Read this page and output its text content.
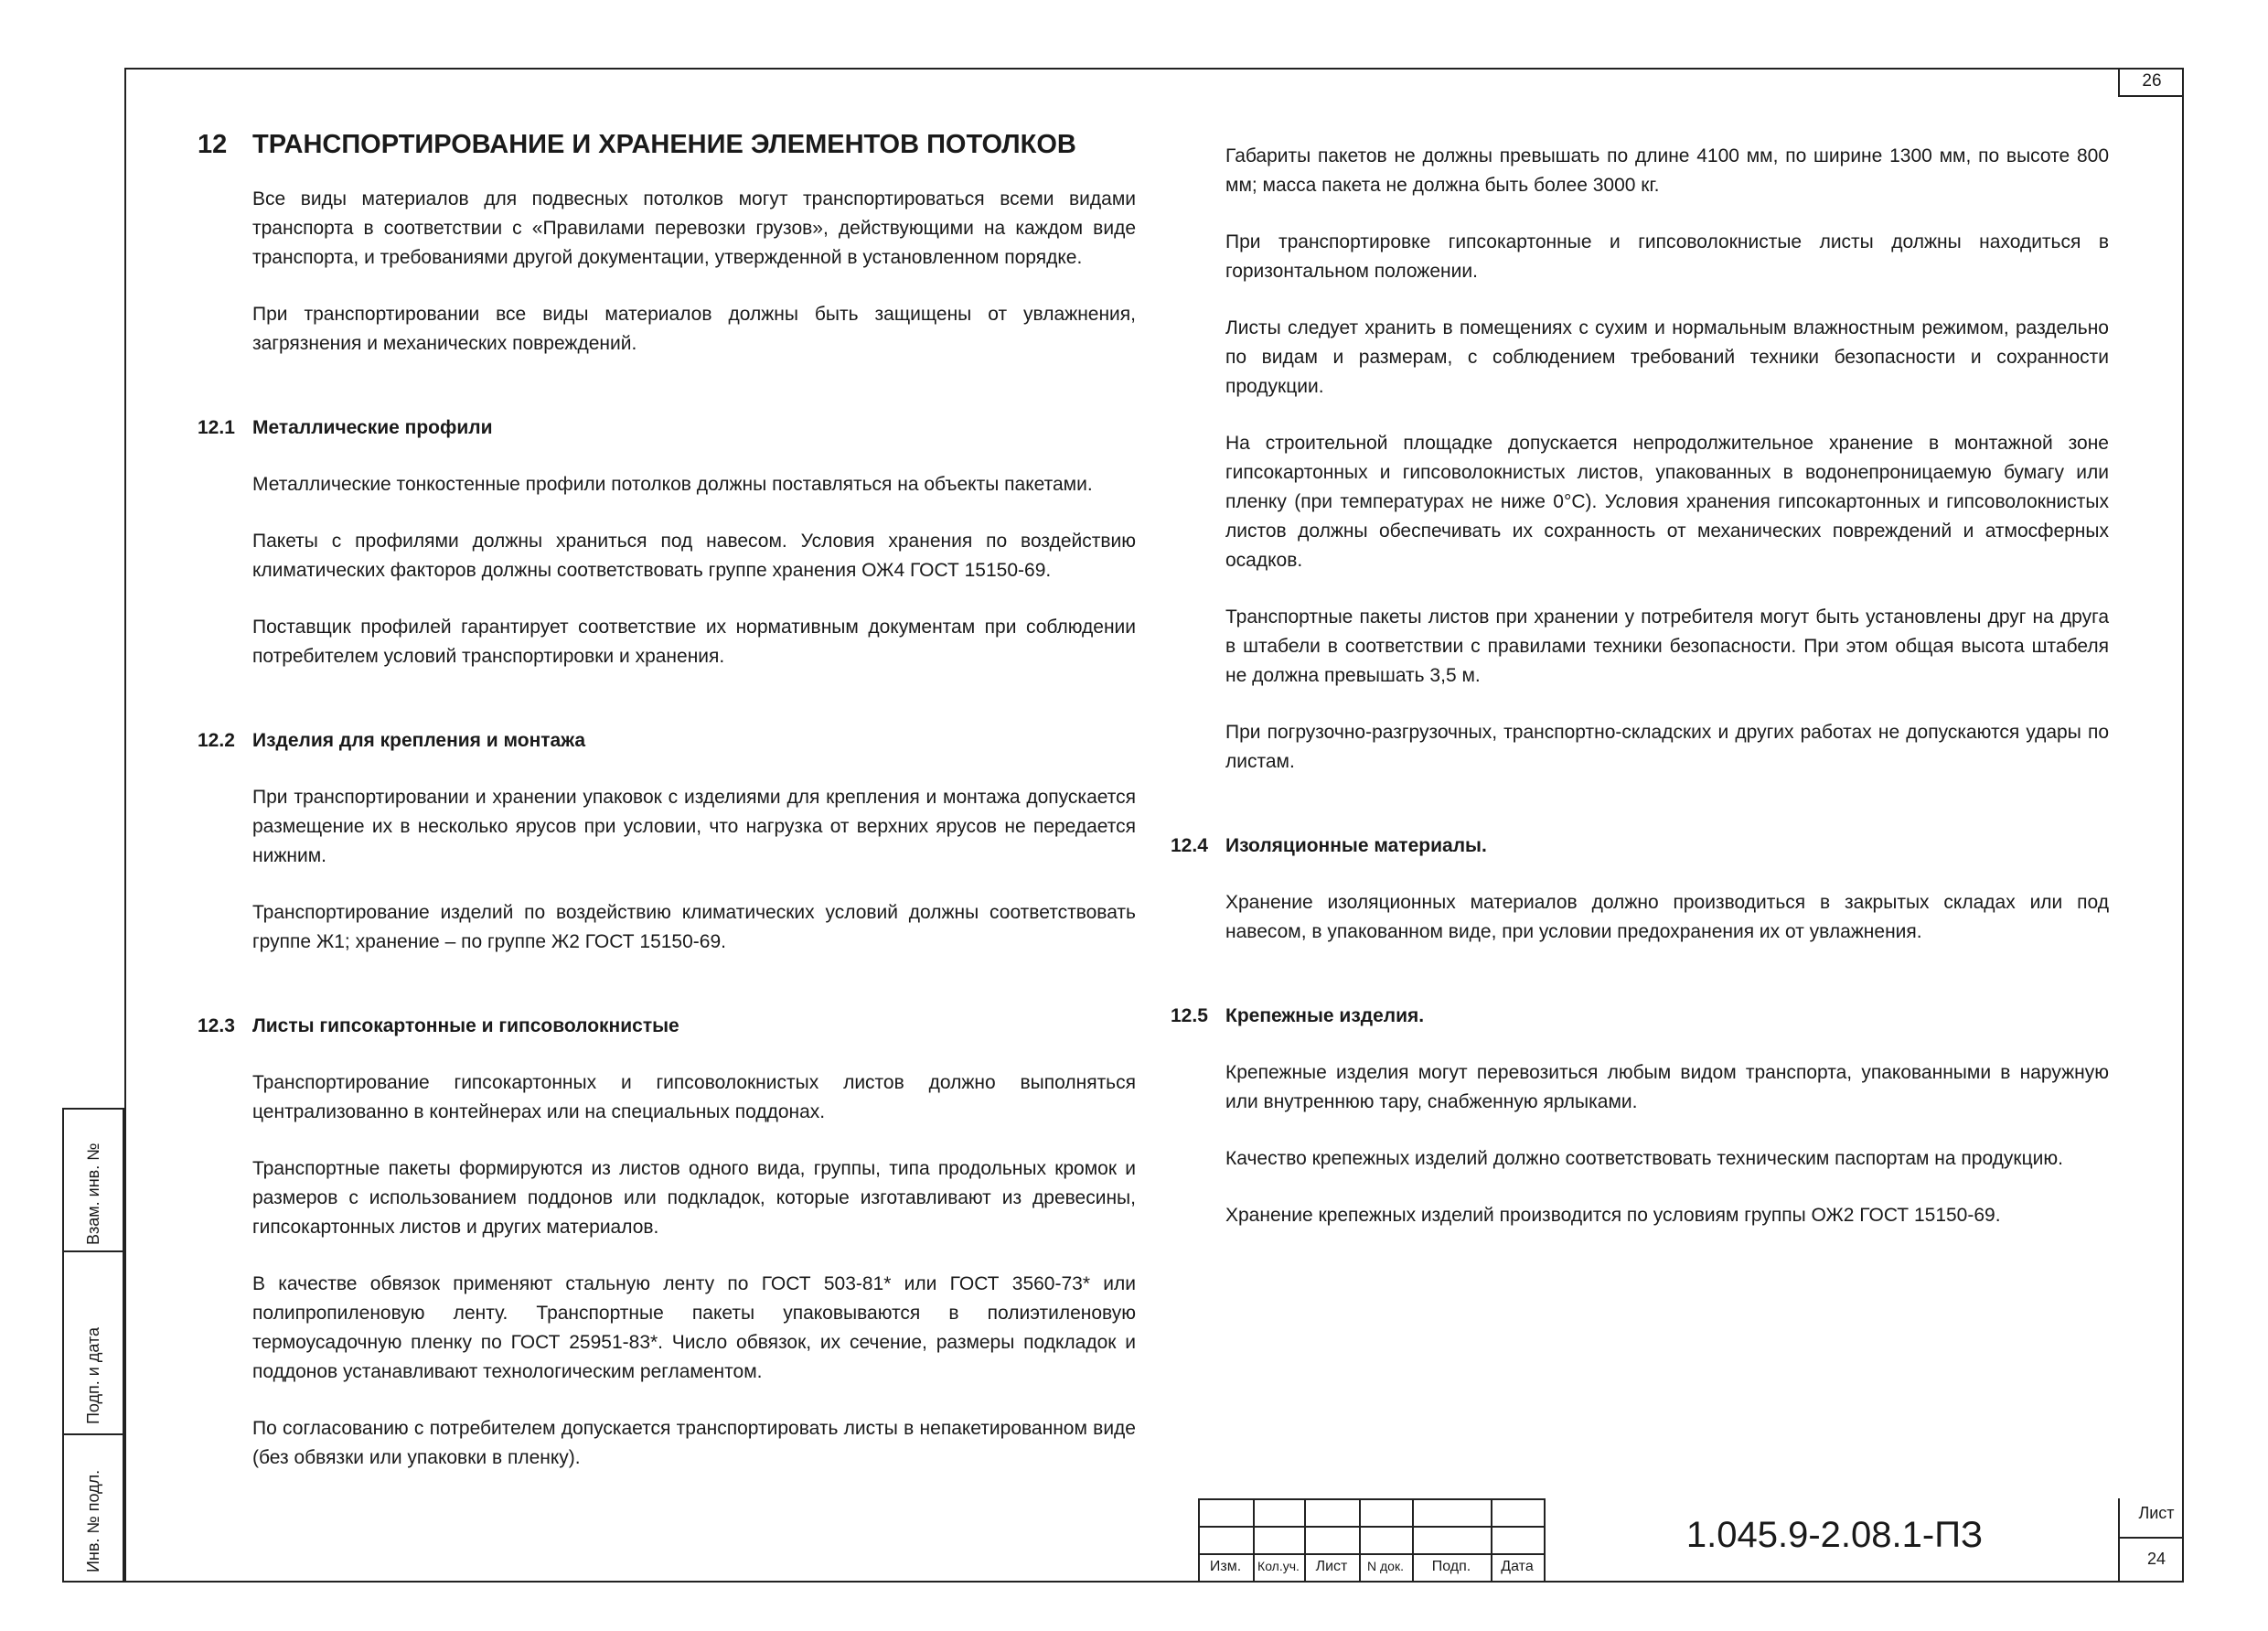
26
Взам. инв. №
Подп. и дата
Инв. № подл.
12 ТРАНСПОРТИРОВАНИЕ И ХРАНЕНИЕ ЭЛЕМЕНТОВ ПОТОЛКОВ

Все виды материалов для подвесных потолков могут транспортироваться всеми видами транспорта в соответствии с «Правилами перевозки грузов», действующими на каждом виде транспорта, и требованиями другой документации, утвержденной в установленном порядке.

При транспортировании все виды материалов должны быть защищены от увлажнения, загрязнения и механических повреждений.

12.1 Металлические профили

Металлические тонкостенные профили потолков должны поставляться на объекты пакетами.

Пакеты с профилями должны храниться под навесом. Условия хранения по воздействию климатических факторов должны соответствовать группе хранения ОЖ4 ГОСТ 15150-69.

Поставщик профилей гарантирует соответствие их нормативным документам при соблюдении потребителем условий транспортировки и хранения.

12.2 Изделия для крепления и монтажа

При транспортировании и хранении упаковок с изделиями для крепления и монтажа допускается размещение их в несколько ярусов при условии, что нагрузка от верхних ярусов не передается нижним.

Транспортирование изделий по воздействию климатических условий должны соответствовать группе Ж1; хранение – по группе Ж2 ГОСТ 15150-69.

12.3 Листы гипсокартонные и гипсоволокнистые

Транспортирование гипсокартонных и гипсоволокнистых листов должно выполняться централизованно в контейнерах или на специальных поддонах.

Транспортные пакеты формируются из листов одного вида, группы, типа продольных кромок и размеров с использованием поддонов или подкладок, которые изготавливают из древесины, гипсокартонных листов и других материалов.

В качестве обвязок применяют стальную ленту по ГОСТ 503-81* или ГОСТ 3560-73* или полипропиленовую ленту. Транспортные пакеты упаковываются в полиэтиленовую термоусадочную пленку по ГОСТ 25951-83*. Число обвязок, их сечение, размеры подкладок и поддонов устанавливают технологическим регламентом.

По согласованию с потребителем допускается транспортировать листы в непакетированном виде (без обвязки или упаковки в пленку).

Габариты пакетов не должны превышать по длине 4100 мм, по ширине 1300 мм, по высоте 800 мм; масса пакета не должна быть более 3000 кг.

При транспортировке гипсокартонные и гипсоволокнистые листы должны находиться в горизонтальном положении.

Листы следует хранить в помещениях с сухим и нормальным влажностным режимом, раздельно по видам и размерам, с соблюдением требований техники безопасности и сохранности продукции.

На строительной площадке допускается непродолжительное хранение в монтажной зоне гипсокартонных и гипсоволокнистых листов, упакованных в водонепроницаемую бумагу или пленку (при температурах не ниже 0°С). Условия хранения гипсокартонных и гипсоволокнистых листов должны обеспечивать их сохранность от механических повреждений и атмосферных осадков.

Транспортные пакеты листов при хранении у потребителя могут быть установлены друг на друга в штабели в соответствии с правилами техники безопасности. При этом общая высота штабеля не должна превышать 3,5 м.

При погрузочно-разгрузочных, транспортно-складских и других работах не допускаются удары по листам.

12.4 Изоляционные материалы.

Хранение изоляционных материалов должно производиться в закрытых складах или под навесом, в упакованном виде, при условии предохранения их от увлажнения.

12.5 Крепежные изделия.

Крепежные изделия могут перевозиться любым видом транспорта, упакованными в наружную или внутреннюю тару, снабженную ярлыками.

Качество крепежных изделий должно соответствовать техническим паспортам на продукцию.

Хранение крепежных изделий производится по условиям группы ОЖ2 ГОСТ 15150-69.

Изм.	Кол.уч.	Лист	N док.	Подп.	Дата
1.045.9-2.08.1-ПЗ
Лист
24
